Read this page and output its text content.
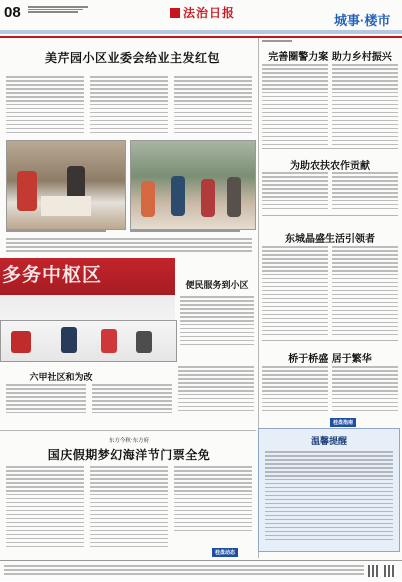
08	法治日报	城事·楼市
美芹园小区业委会给业主发红包	完善圈警力案 助力乡村振兴
为助农扶农作贡献
东城晶盛生活引领者
多务中枢区	便民服务到小区
六甲社区和为改
桥于桥盛 居于繁华
桂盘指南
东方今秋·东方府
国庆假期梦幻海洋节门票全免
桂盘动态
温馨提醒
